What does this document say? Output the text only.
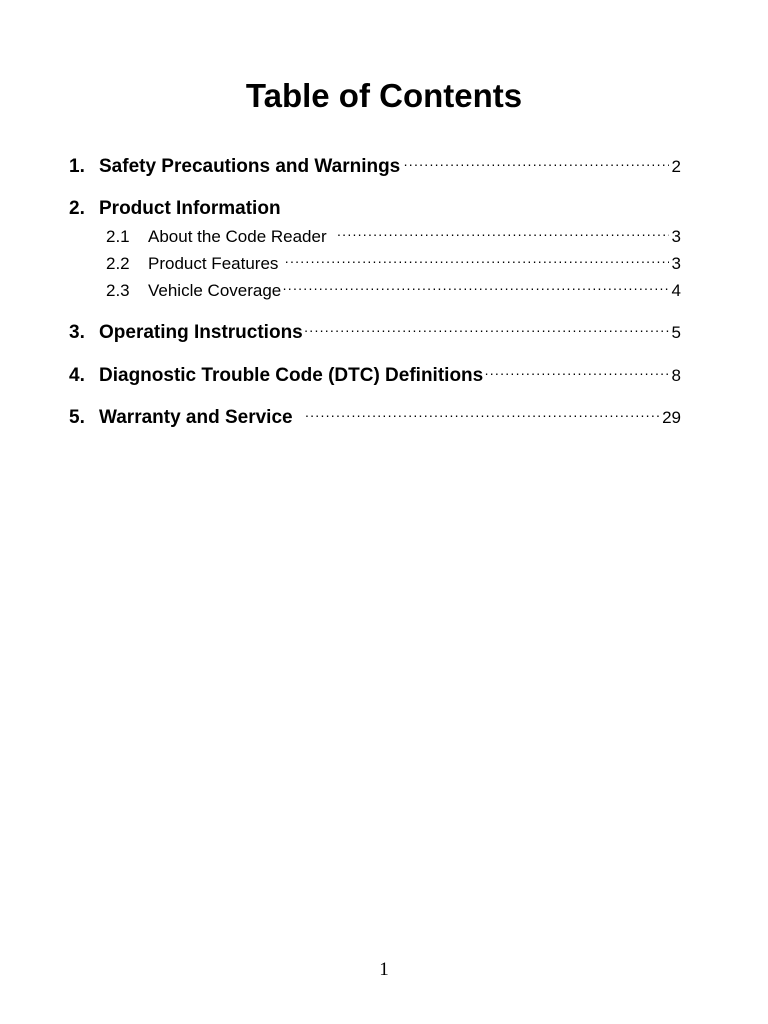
Table of Contents
1. Safety Precautions and Warnings ·····	2
2. Product Information
2.1	About the Code Reader ·····	3
2.2	Product Features ·····	3
2.3	Vehicle Coverage ·····	4
3. Operating Instructions ·····	5
4. Diagnostic Trouble Code (DTC) Definitions ·····	8
5. Warranty and Service ·····	29
1
